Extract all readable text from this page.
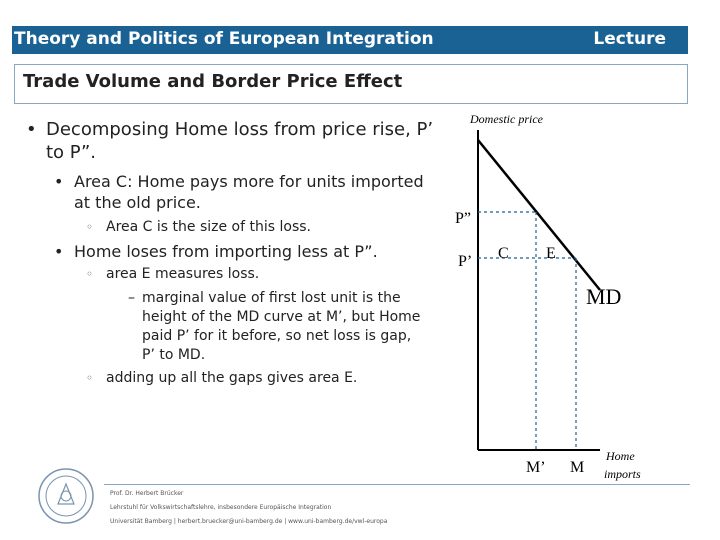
Theory and Politics of European Integration	Lecture
Trade Volume and Border Price Effect
• Decomposing Home loss from price rise, P’ to P”.
• Area C: Home pays more for units imported at the old price.
◦ Area C is the size of this loss.
• Home loses from importing less at P”.
◦ area E measures loss.
– marginal value of first lost unit is the height of the MD curve at M’, but Home paid P’ for it before, so net loss is gap, P’ to MD.
◦ adding up all the gaps gives area E.
Domestic price
P”
P’ C E
MD
M’ M
Home
imports
Prof. Dr. Herbert Brücker
Lehrstuhl für Volkswirtschaftslehre, insbesondere Europäische Integration
Universität Bamberg | herbert.bruecker@uni-bamberg.de | www.uni-bamberg.de/vwl-europa
